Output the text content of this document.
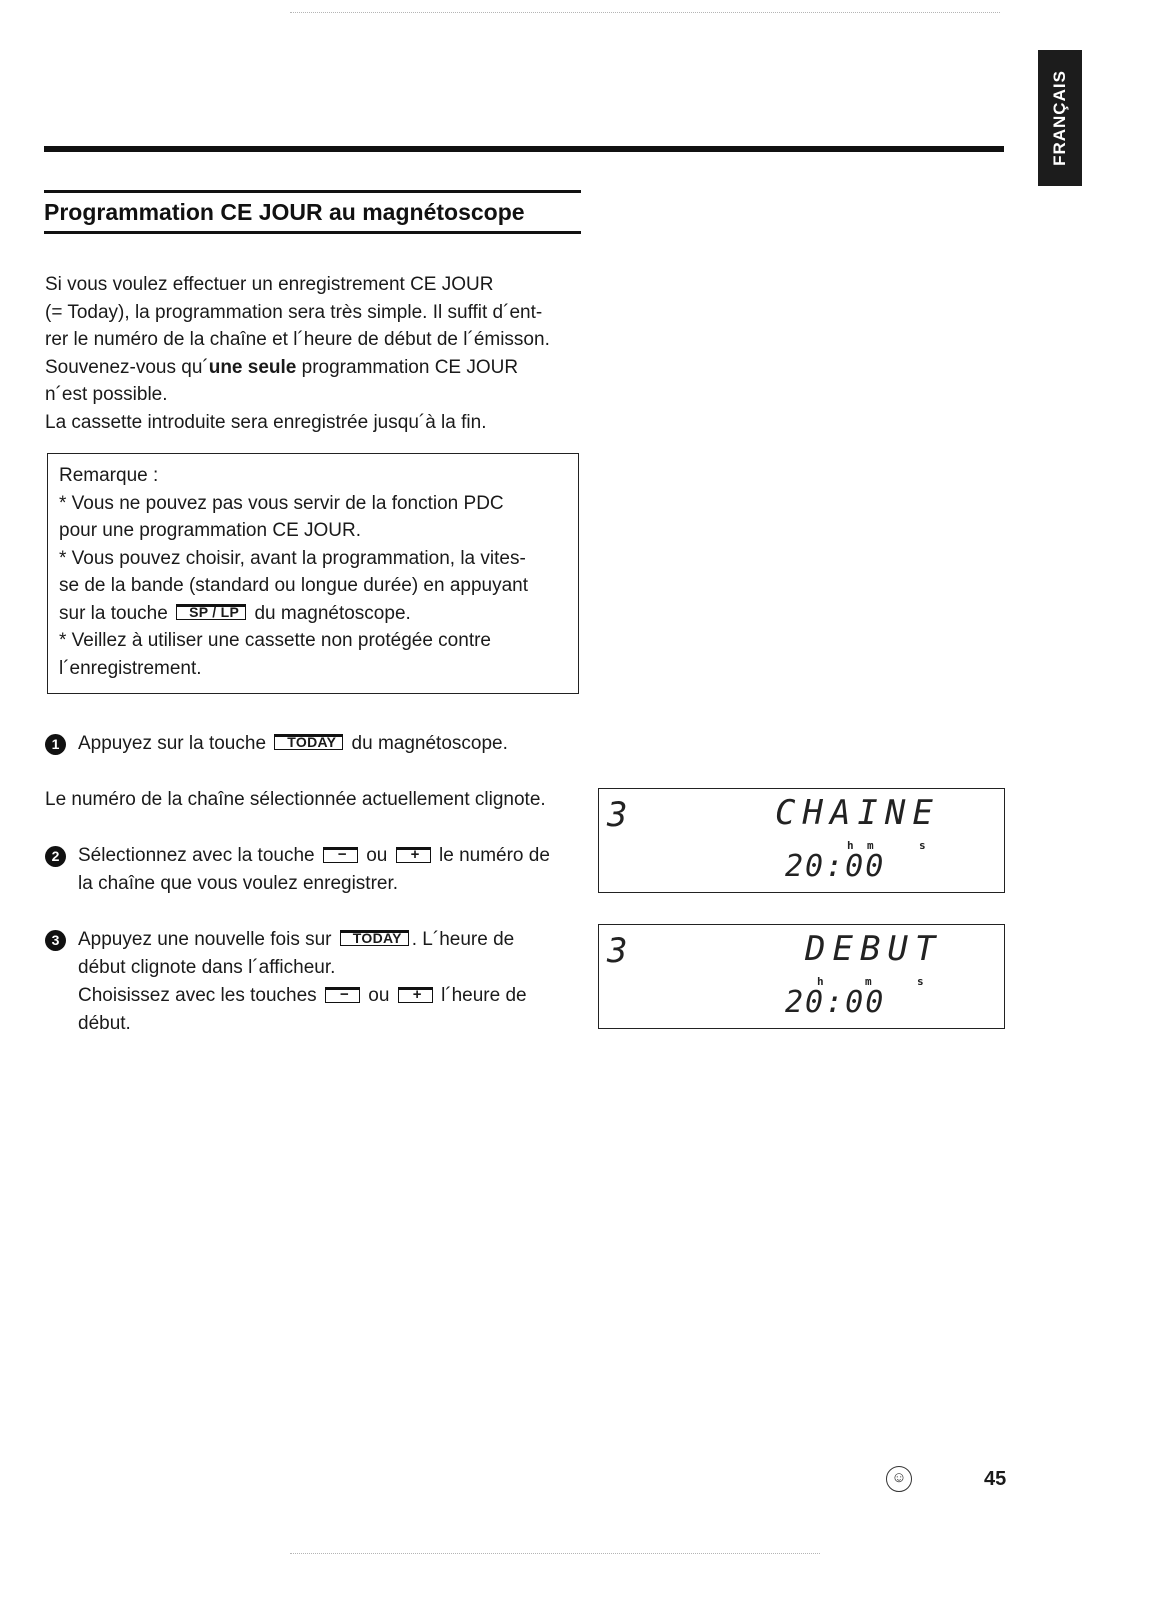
FRANÇAIS
Programmation CE JOUR au magnétoscope

Si vous voulez effectuer un enregistrement CE JOUR

(= Today), la programmation sera très simple. Il suffit d´ent-

rer le numéro de la chaîne et l´heure de début de l´émisson.

Souvenez-vous qu´une seule programmation CE JOUR

n´est possible.

La cassette introduite sera enregistrée jusqu´à la fin.

Remarque :

* Vous ne pouvez pas vous servir de la fonction PDC

pour une programmation CE JOUR.

* Vous pouvez choisir, avant la programmation, la vites-

se de la bande (standard ou longue durée) en appuyant

sur la touche SP / LP du magnétoscope.

* Veillez à utiliser une cassette non protégée contre

l´enregistrement.

1 Appuyez sur la touche TODAY du magnétoscope.

Le numéro de la chaîne sélectionnée actuellement clignote.

2 Sélectionnez avec la touche − ou + le numéro de

la chaîne que vous voulez enregistrer.

3 Appuyez une nouvelle fois sur TODAY . L´heure de

début clignote dans l´afficheur.

Choisissez avec les touches − ou + l´heure de

début.

3	CHAINE
h m	s
20:00
3	DEBUT
h	m	s
20:00
☺	45
